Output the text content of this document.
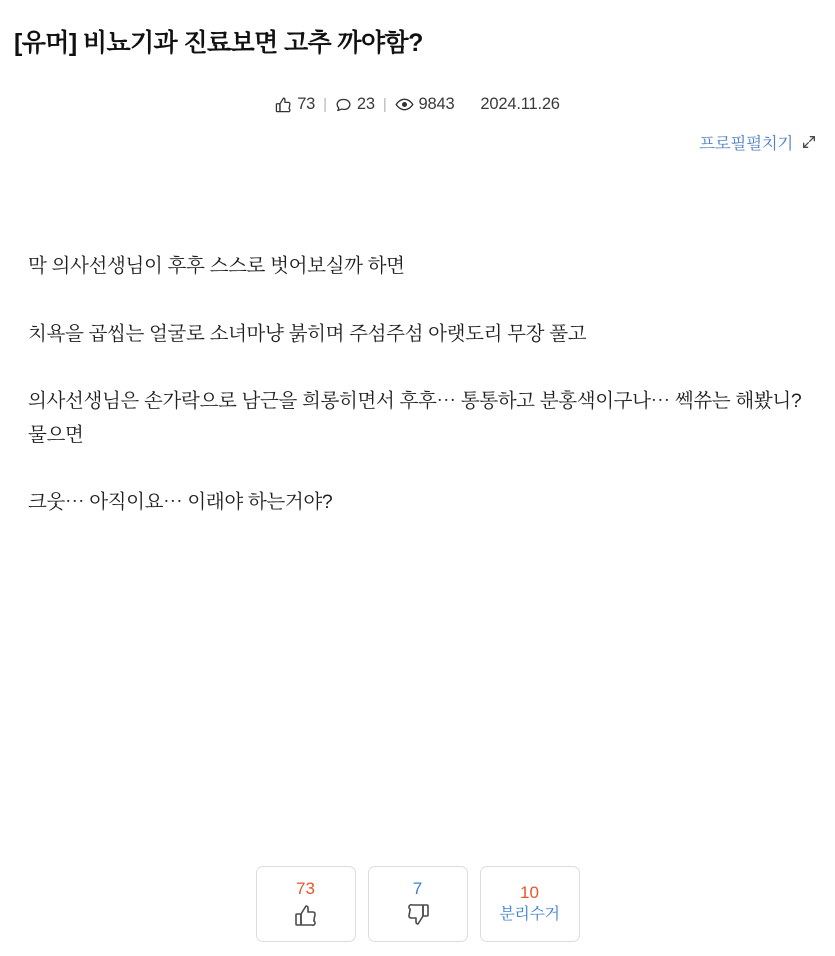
[유머] 비뇨기과 진료보면 고추 까야함?
73 |	23 |	9843 2024.11.26
프로필펼치기

막 의사선생님이 후후 스스로 벗어보실까 하면

치욕을 곱씹는 얼굴로 소녀마냥 붉히며 주섬주섬 아랫도리 무장 풀고

의사선생님은 손가락으로 남근을 희롱히면서 후후⋯ 통통하고 분홍색이구나⋯ 쎅쓔는 해봤니? 물으면

크웃⋯ 아직이요⋯ 이래야 하는거야?

73	7	10
분리수거
